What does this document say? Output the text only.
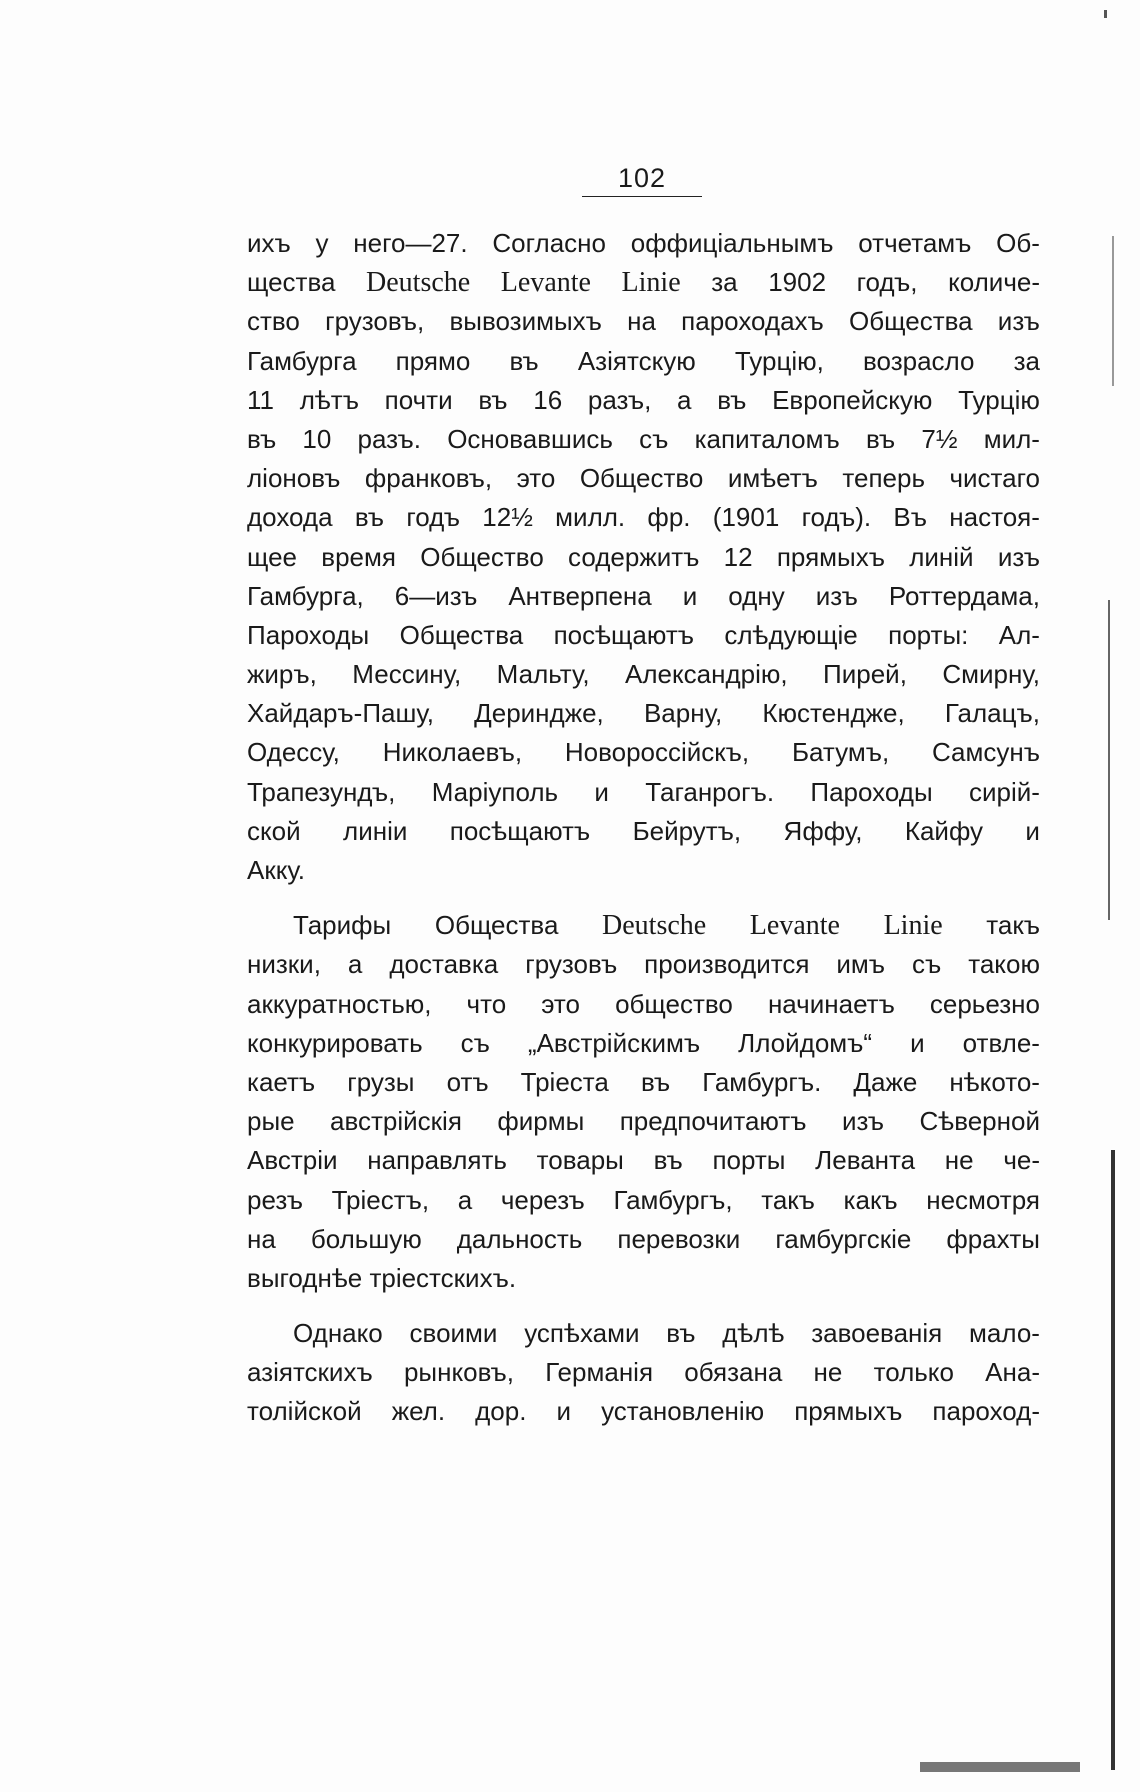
102
ихъ у него—27. Согласно оффиціальнымъ отчетамъ Об-
щества Deutsche Levante Linie за 1902 годъ, количе-
ство грузовъ, вывозимыхъ на пароходахъ Общества изъ
Гамбурга прямо въ Азіятскую Турцію, возрасло за
11 лѣтъ почти въ 16 разъ, а въ Европейскую Турцію
въ 10 разъ. Основавшись съ капиталомъ въ 7½ мил-
ліоновъ франковъ, это Общество имѣетъ теперь чистаго
дохода въ годъ 12½ милл. фр. (1901 годъ). Въ настоя-
щее время Общество содержитъ 12 прямыхъ линій изъ
Гамбурга, 6—изъ Антверпена и одну изъ Роттердама,
Пароходы Общества посѣщаютъ слѣдующіе порты: Ал-
жиръ, Мессину, Мальту, Александрію, Пирей, Смирну,
Хайдаръ-Пашу, Дериндже, Варну, Кюстендже, Галацъ,
Одессу, Николаевъ, Новороссійскъ, Батумъ, Самсунъ
Трапезундъ, Маріуполь и Таганрогъ. Пароходы сирій-
ской линіи посѣщаютъ Бейрутъ, Яффу, Кайфу и
Акку.
Тарифы Общества Deutsche Levante Linie такъ
низки, а доставка грузовъ производится имъ съ такою
аккуратностью, что это общество начинаетъ серьезно
конкурировать съ „Австрійскимъ Ллойдомъ“ и отвле-
каетъ грузы отъ Тріеста въ Гамбургъ. Даже нѣкото-
рые австрійскія фирмы предпочитаютъ изъ Сѣверной
Австріи направлять товары въ порты Леванта не че-
резъ Тріестъ, а черезъ Гамбургъ, такъ какъ несмотря
на большую дальность перевозки гамбургскіе фрахты
выгоднѣе тріестскихъ.
Однако своими успѣхами въ дѣлѣ завоеванія мало-
азіятскихъ рынковъ, Германія обязана не только Ана-
толійской жел. дор. и установленію прямыхъ пароход-
